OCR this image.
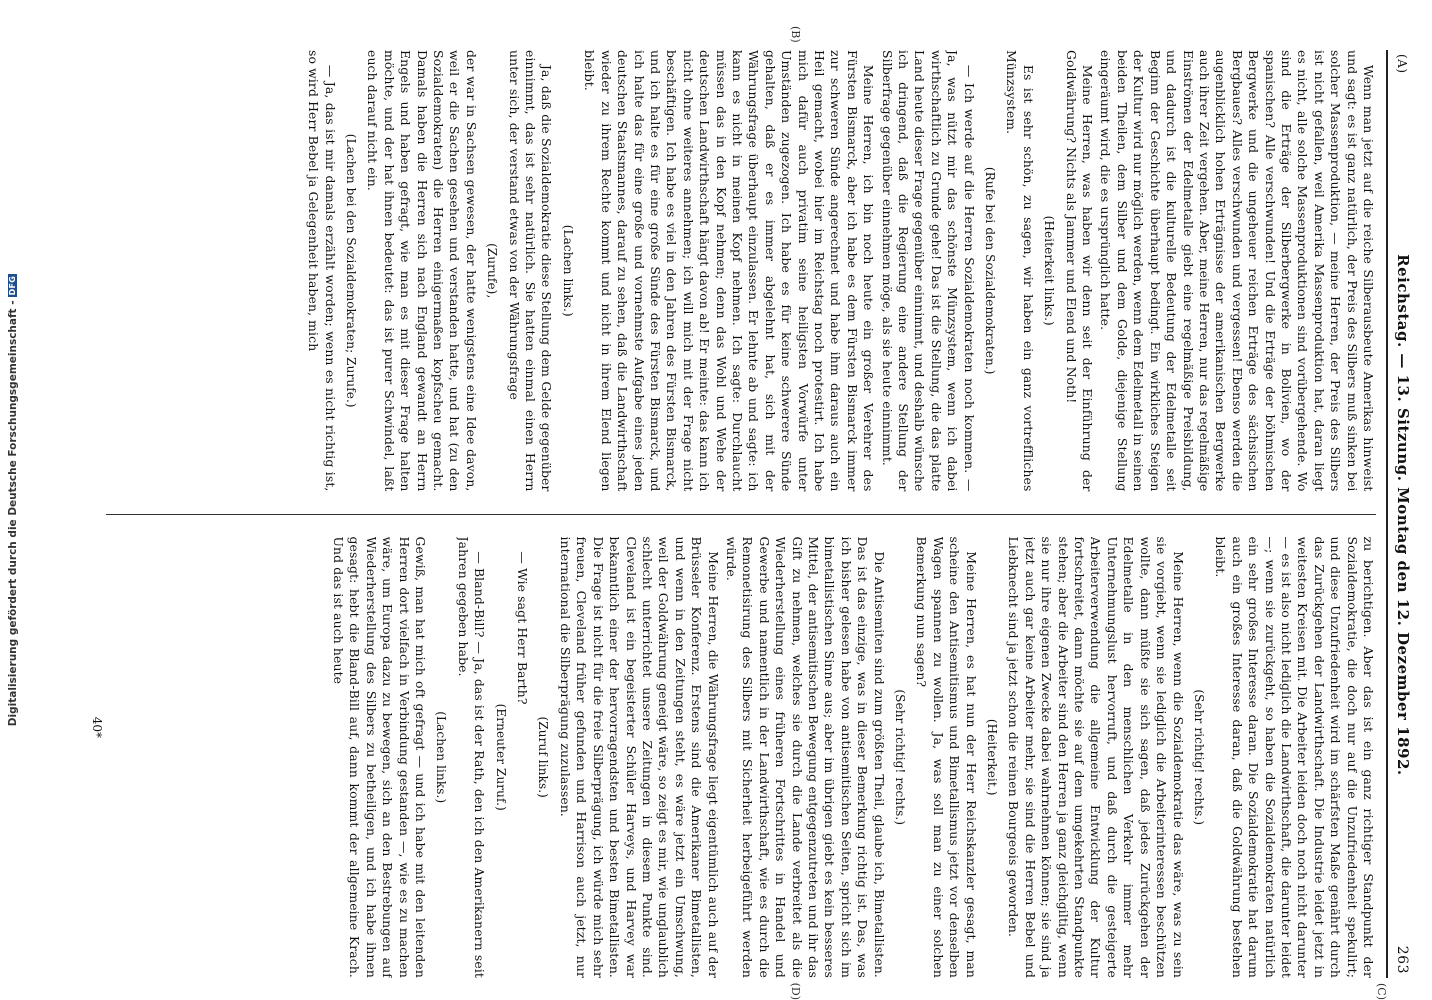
Digitalisierung gefördert durch die Deutsche Forschungsgemeinschaft -DFG
(A)
Reichstag. — 13. Sitzung. Montag den 12. Dezember 1892.
263

Wenn man jetzt auf die reiche Silberausbeute Amerikas hinweist und sagt: es ist ganz natürlich, der Preis des Silbers muß sinken bei solcher Massenproduktion, — meine Herren, der Preis des Silbers ist nicht gefallen, weil Amerika Massenproduktion hat, daran liegt es nicht, alle solche Massenproduktionen sind vorübergehende. Wo sind die Erträge der Silberbergwerke in Bolivien, wo der spanischen? Alle verschwunden! Und die Erträge der böhmischen Bergwerke und die ungeheuer reichen Erträge des sächsischen Bergbaues? Alles verschwunden und vergessen! Ebenso werden die augenblicklich hohen Erträgnisse der amerikanischen Bergwerke auch ihrer Zeit vergehen. Aber, meine Herren, nur das regelmäßige Einströmen der Edelmetalle giebt eine regelmäßige Preisbildung, und dadurch ist die kulturelle Bedeutung der Edelmetalle seit Beginn der Geschichte überhaupt bedingt. Ein wirkliches Steigen der Kultur wird nur möglich werden, wenn dem Edelmetall in seinen beiden Theilen, dem Silber und dem Golde, diejenige Stellung eingeräumt wird, die es ursprünglich hatte.

Meine Herren, was haben wir denn seit der Einführung der Goldwährung? Nichts als Jammer und Elend und Noth!

(Heiterkeit links.)

Es ist sehr schön, zu sagen, wir haben ein ganz vortreffliches Münzsystem.

(Rufe bei den Sozialdemokraten.)

— Ich werde auf die Herren Sozialdemokraten noch kommen. — Ja, was nützt mir das schönste Münzsystem, wenn ich dabei wirthschaftlich zu Grunde gehe! Das ist die Stellung, die das platte Land heute dieser Frage gegenüber einnimmt, und deshalb wünsche ich dringend, daß die Regierung eine andere Stellung der Silberfrage gegenüber einnehmen möge, als sie heute einnimmt.

Meine Herren, ich bin noch heute ein großer Verehrer des Fürsten Bismarck, aber ich habe es dem Fürsten Bismarck immer zur schweren Sünde angerechnet und habe ihm daraus auch ein Heil gemacht, wobei hier im Reichstag noch protestirt. Ich habe mich dafür auch privatim seine heiligsten Vorwürfe unter Umständen zugezogen. Ich habe es für keine schwerere Sünde gehalten, daß er es immer abgelehnt hat, sich mit der Währungsfrage überhaupt einzulassen. Er lehnte ab und sagte: ich kann es nicht in meinen Kopf nehmen. Ich sagte: Durchlaucht müssen das in den Kopf nehmen; denn das Wohl und Wehe der deutschen Landwirthschaft hängt davon ab! Er meinte: das kann ich nicht ohne weiteres annehmen; ich will mich mit der Frage nicht beschäftigen. Ich habe es viel in den Jahren des Fürsten Bismarck, und ich halte es für eine große Sünde des Fürsten Bismarck, und ich halte das für eine große und vornehmste Aufgabe eines jeden deutschen Staatsmannes, darauf zu sehen, daß die Landwirthschaft wieder zu ihrem Rechte kommt und nicht in ihrem Elend liegen bleibt.

(Lachen links.)

Ja, daß die Sozialdemokratie diese Stellung dem Gelde gegenüber einnimmt, das ist sehr natürlich. Sie hatten einmal einen Herrn unter sich, der verstand etwas von der Währungsfrage

(Zurufe),

der war in Sachsen gewesen, der hatte wenigstens eine Idee davon, weil er die Sachen gesehen und verstanden hatte, und hat (zu den Sozialdemokraten) die Herren einigermaßen kopfscheu gemacht. Damals haben die Herren sich nach England gewandt an Herrn Engels und haben gefragt, wie man es mit dieser Frage halten möchte, und der hat ihnen bedeutet: das ist purer Schwindel, laßt euch darauf nicht ein.

(Lachen bei den Sozialdemokraten; Zurufe.)

— Ja, das ist mir damals erzählt worden; wenn es nicht richtig ist, so wird Herr Bebel ja Gelegenheit haben, mich

zu berichtigen. Aber das ist ein ganz richtiger Standpunkt der Sozialdemokratie, die doch nur auf die Unzufriedenheit spekulirt; und diese Unzufriedenheit wird im schärfsten Maße genährt durch das Zurückgehen der Landwirthschaft. Die Industrie leidet jetzt in weitesten Kreisen mit. Die Arbeiter leiden doch noch nicht darunter — es ist also nicht lediglich die Landwirthschaft, die darunter leidet —; wenn sie zurückgeht, so haben die Sozialdemokraten natürlich ein sehr großes Interesse daran. Die Sozialdemokratie hat darum auch ein großes Interesse daran, daß die Goldwährung bestehen bleibt.

(Sehr richtig! rechts.)

Meine Herren, wenn die Sozialdemokratie das wäre, was zu sein sie vorgiebt, wenn sie lediglich die Arbeiterinteressen beschützen wollte, dann müßte sie sich sagen, daß jedes Zurückgehen der Edelmetalle in den menschlichen Verkehr immer mehr Unternehmungslust hervorruft, und daß durch die gesteigerte Arbeiterverwendung die allgemeine Entwicklung der Kultur fortschreitet, dann möchte sie auf dem umgekehrten Standpunkte stehen; aber die Arbeiter sind den Herren ja ganz gleichgiltig, wenn sie nur ihre eigenen Zwecke dabei wahrnehmen können; sie sind ja jetzt auch gar keine Arbeiter mehr, sie sind die Herren Bebel und Liebknecht sind ja jetzt schon die reinen Bourgeois geworden.

(Heiterkeit.)

Meine Herren, es hat nun der Herr Reichskanzler gesagt, man scheine den Antisemitismus und Bimetallismus jetzt vor denselben Wagen spannen zu wollen. Ja, was soll man zu einer solchen Bemerkung nun sagen?

(Sehr richtig! rechts.)

Die Antisemiten sind zum größten Theil, glaube ich, Bimetallisten. Das ist das einzige, was in dieser Bemerkung richtig ist. Das, was ich bisher gelesen habe von antisemitischen Seiten, spricht sich im bimetallistischen Sinne aus; aber im übrigen giebt es kein besseres Mittel, der antisemitischen Bewegung entgegenzutreten und ihr das Gift zu nehmen, welches sie durch die Lande verbreitet als die Wiederherstellung eines früheren Fortschrittes in Handel und Gewerbe und namentlich in der Landwirthschaft, wie es durch die Remonetisirung des Silbers mit Sicherheit herbeigeführt werden würde.

Meine Herren, die Währungsfrage liegt eigentümlich auch auf der Brüsseler Konferenz. Erstens sind die Amerikaner Bimetallisten, und wenn in den Zeitungen steht, es wäre jetzt ein Umschwung, weil der Goldwährung geneigt wäre, so zeigt es mir, wie unglaublich schlecht unterrichtet unsere Zeitungen in diesem Punkte sind. Cleveland ist ein begeisterter Schüler Harveys, und Harvey war bekanntlich einer der hervorragendsten und besten Bimetallisten. Die Frage ist nicht für die freie Silberprägung, ich würde mich sehr freuen, Cleveland früher gefunden und Harrison auch jetzt, nur international die Silberprägung zuzulassen.

(Zuruf links.)

— Wie sagt Herr Barth?

(Erneuter Zuruf.)

— Bland-Bill? — Ja, das ist der Rath, den ich den Amerikanern seit Jahren gegeben habe.

(Lachen links.)

Gewiß, man hat mich oft gefragt — und ich habe mit den leitenden Herren dort vielfach in Verbindung gestanden —, wie es zu machen wäre, um Europa dazu zu bewegen, sich an den Bestrebungen auf Wiederherstellung des Silbers zu betheiligen, und ich habe ihnen gesagt: hebt die Bland-Bill auf, dann kommt der allgemeine Krach. Und das ist auch heute

(C)
(B)
(D)
40*
